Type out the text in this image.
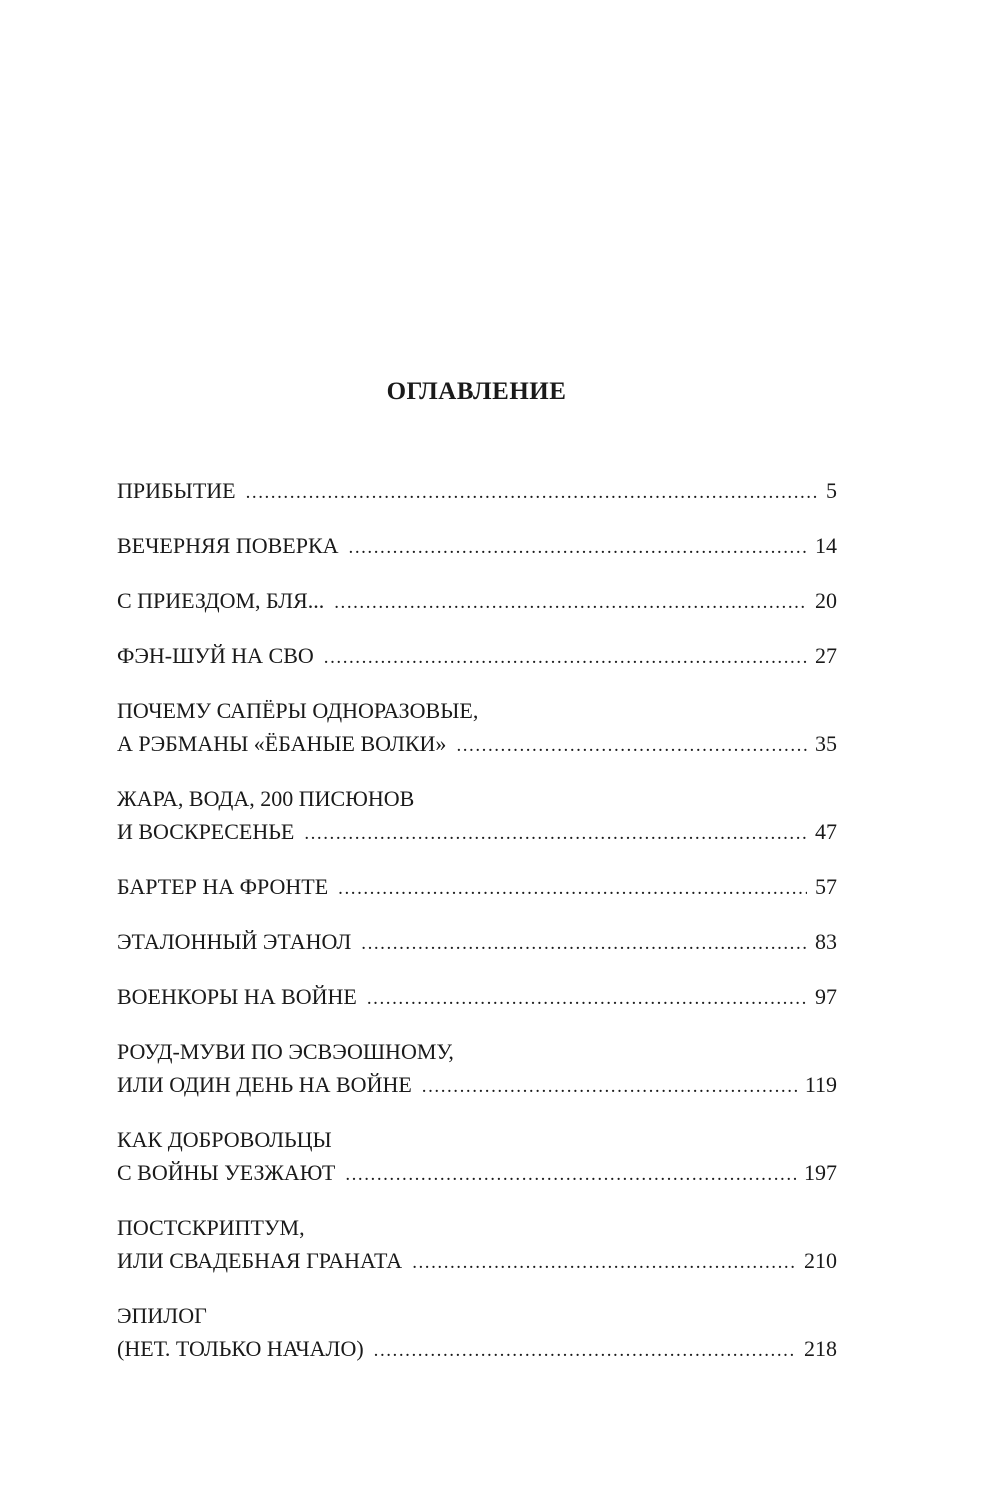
ОГЛАВЛЕНИЕ
ПРИБЫТИЕ . . .	5
ВЕЧЕРНЯЯ ПОВЕРКА . . .	14
С ПРИЕЗДОМ, БЛЯ... . . .	20
ФЭН-ШУЙ НА СВО . . .	27
ПОЧЕМУ САПЁРЫ ОДНОРАЗОВЫЕ,
А РЭБМАНЫ «ЁБАНЫЕ ВОЛКИ» . . .	35
ЖАРА, ВОДА, 200 ПИСЮНОВ
И ВОСКРЕСЕНЬЕ . . .	47
БАРТЕР НА ФРОНТЕ . . .	57
ЭТАЛОННЫЙ ЭТАНОЛ . . .	83
ВОЕНКОРЫ НА ВОЙНЕ . . .	97
РОУД-МУВИ ПО ЭСВЭОШНОМУ,
ИЛИ ОДИН ДЕНЬ НА ВОЙНЕ . . .	119
КАК ДОБРОВОЛЬЦЫ
С ВОЙНЫ УЕЗЖАЮТ . . .	197
ПОСТСКРИПТУМ,
ИЛИ СВАДЕБНАЯ ГРАНАТА . . .	210
ЭПИЛОГ
(НЕТ. ТОЛЬКО НАЧАЛО) . . .	218
